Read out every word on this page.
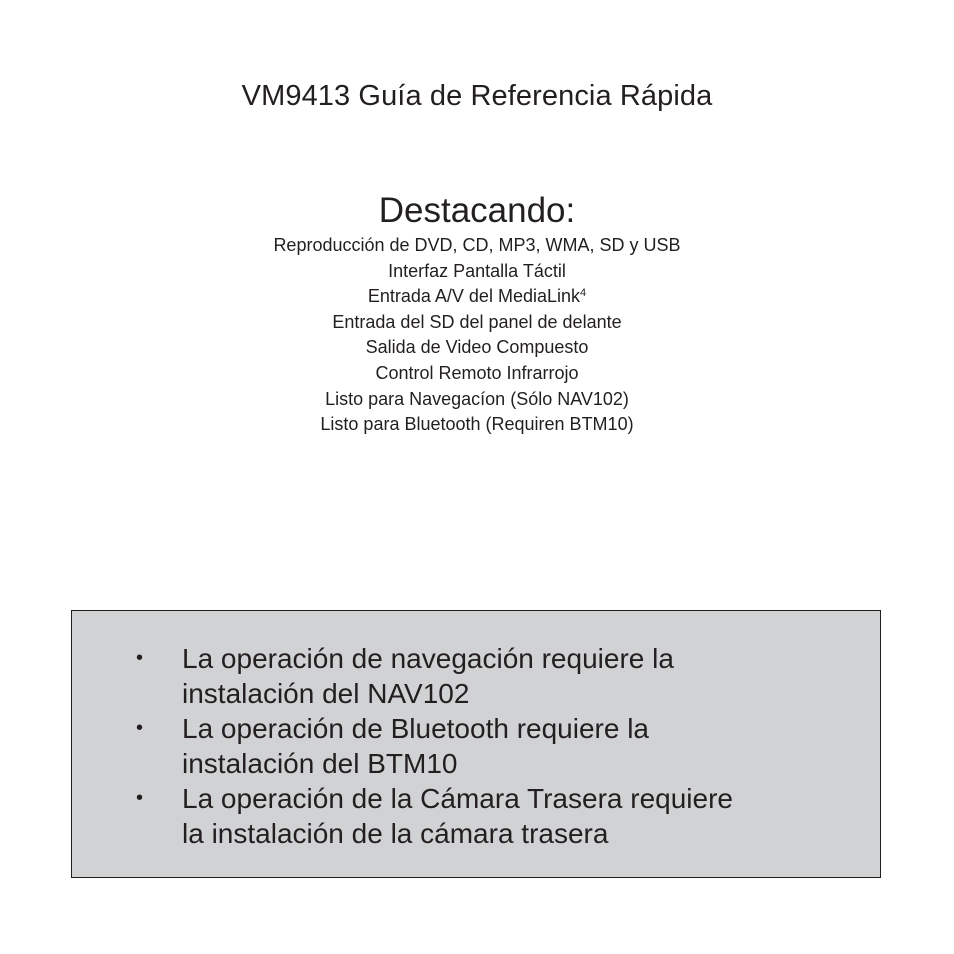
VM9413 Guía de Referencia Rápida
Destacando:
Reproducción de DVD, CD, MP3, WMA, SD y USB
Interfaz Pantalla Táctil
Entrada A/V del MediaLink$^4$
Entrada del SD del panel de delante
Salida de Video Compuesto
Control Remoto Infrarrojo
Listo para Navegacíon (Sólo NAV102)
Listo para Bluetooth (Requiren BTM10)
• La operación de navegación requiere la
instalación del NAV102
• La operación de Bluetooth requiere la
instalación del BTM10
• La operación de la Cámara Trasera requiere
la instalación de la cámara trasera
